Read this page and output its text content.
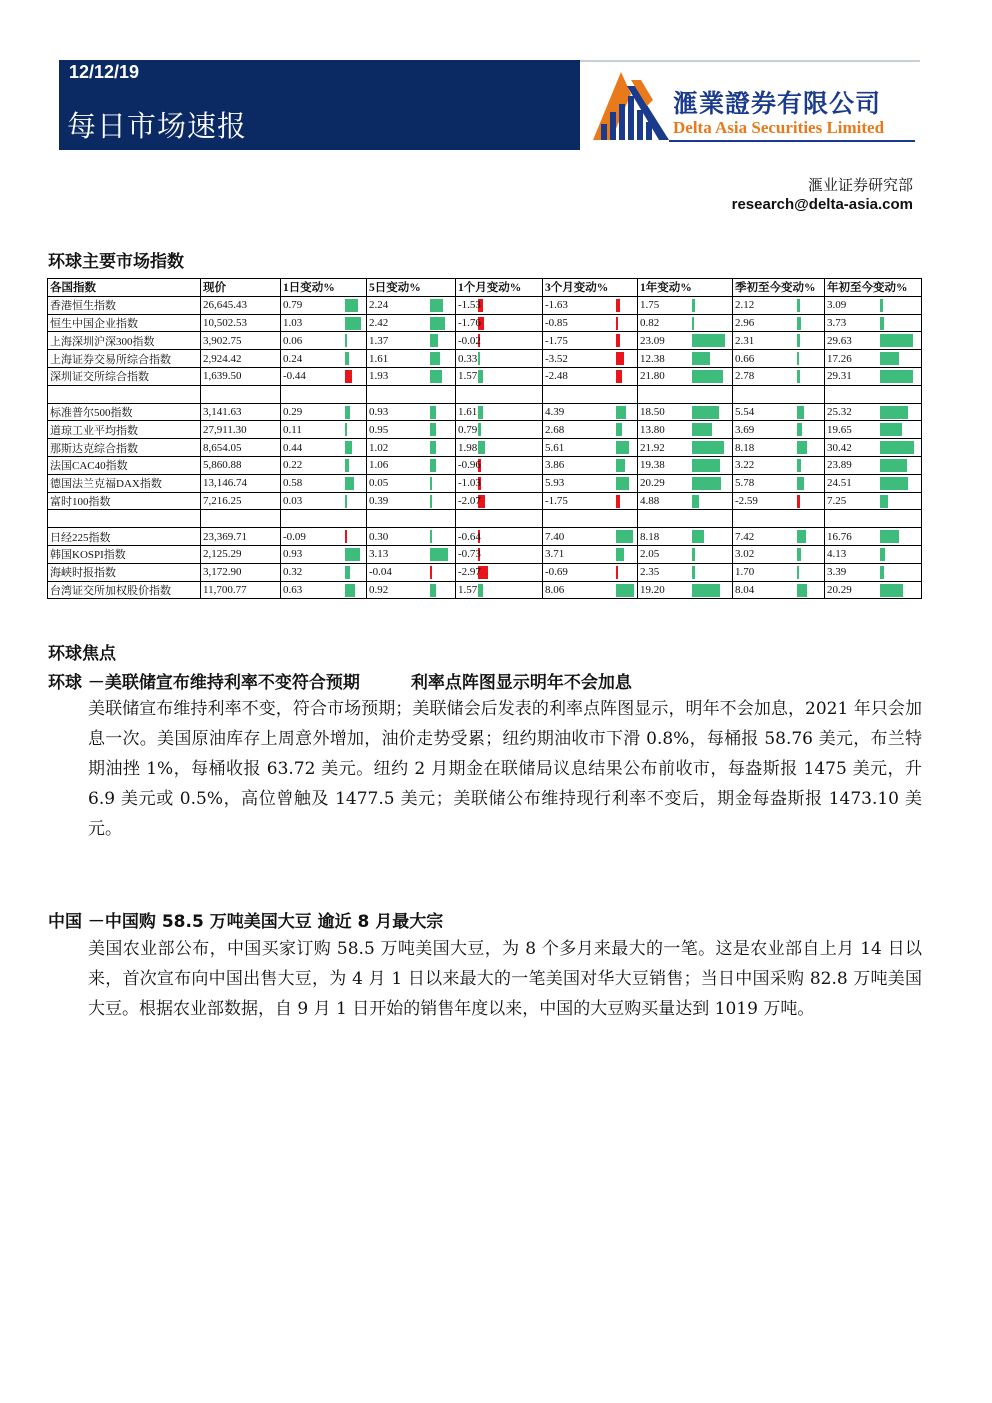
12/12/19
每日市场速报
滙業證券有限公司
Delta Asia Securities Limited
滙业证券研究部
research@delta-asia.com
环球主要市场指数
各国指数	现价	1日变动%	5日变动%	1个月变动%	3个月变动%	1年变动%	季初至今变动%	年初至今变动%
香港恒生指数	26,645.43	0.79	2.24	-1.53	-1.63	1.75	2.12	3.09
恒生中国企业指数	10,502.53	1.03	2.42	-1.76	-0.85	0.82	2.96	3.73
上海深圳沪深300指数	3,902.75	0.06	1.37	-0.02	-1.75	23.09	2.31	29.63
上海证券交易所综合指数	2,924.42	0.24	1.61	0.33	-3.52	12.38	0.66	17.26
深圳证交所综合指数	1,639.50	-0.44	1.93	1.57	-2.48	21.80	2.78	29.31

标准普尔500指数	3,141.63	0.29	0.93	1.61	4.39	18.50	5.54	25.32
道琼工业平均指数	27,911.30	0.11	0.95	0.79	2.68	13.80	3.69	19.65
那斯达克综合指数	8,654.05	0.44	1.02	1.98	5.61	21.92	8.18	30.42
法国CAC40指数	5,860.88	0.22	1.06	-0.96	3.86	19.38	3.22	23.89
德国法兰克福DAX指数	13,146.74	0.58	0.05	-1.03	5.93	20.29	5.78	24.51
富时100指数	7,216.25	0.03	0.39	-2.07	-1.75	4.88	-2.59	7.25

日经225指数	23,369.71	-0.09	0.30	-0.64	7.40	8.18	7.42	16.76
韩国KOSPI指数	2,125.29	0.93	3.13	-0.73	3.71	2.05	3.02	4.13
海峡时报指数	3,172.90	0.32	-0.04	-2.97	-0.69	2.35	1.70	3.39
台湾证交所加权股价指数	11,700.77	0.63	0.92	1.57	8.06	19.20	8.04	20.29
环球焦点
环球 －美联储宣布维持利率不变符合预期　　　利率点阵图显示明年不会加息
美联储宣布维持利率不变，符合市场预期；美联储会后发表的利率点阵图显示，明年不会加息，2021 年只会加息一次。美国原油库存上周意外增加，油价走势受累；纽约期油收市下滑 0.8%，每桶报 58.76 美元，布兰特期油挫 1%，每桶收报 63.72 美元。纽约 2 月期金在联储局议息结果公布前收市，每盎斯报 1475 美元，升 6.9 美元或 0.5%，高位曾触及 1477.5 美元；美联储公布维持现行利率不变后，期金每盎斯报 1473.10 美元。
中国 －中国购 58.5 万吨美国大豆 逾近 8 月最大宗
美国农业部公布，中国买家订购 58.5 万吨美国大豆，为 8 个多月来最大的一笔。这是农业部自上月 14 日以来，首次宣布向中国出售大豆，为 4 月 1 日以来最大的一笔美国对华大豆销售；当日中国采购 82.8 万吨美国大豆。根据农业部数据，自 9 月 1 日开始的销售年度以来，中国的大豆购买量达到 1019 万吨。
